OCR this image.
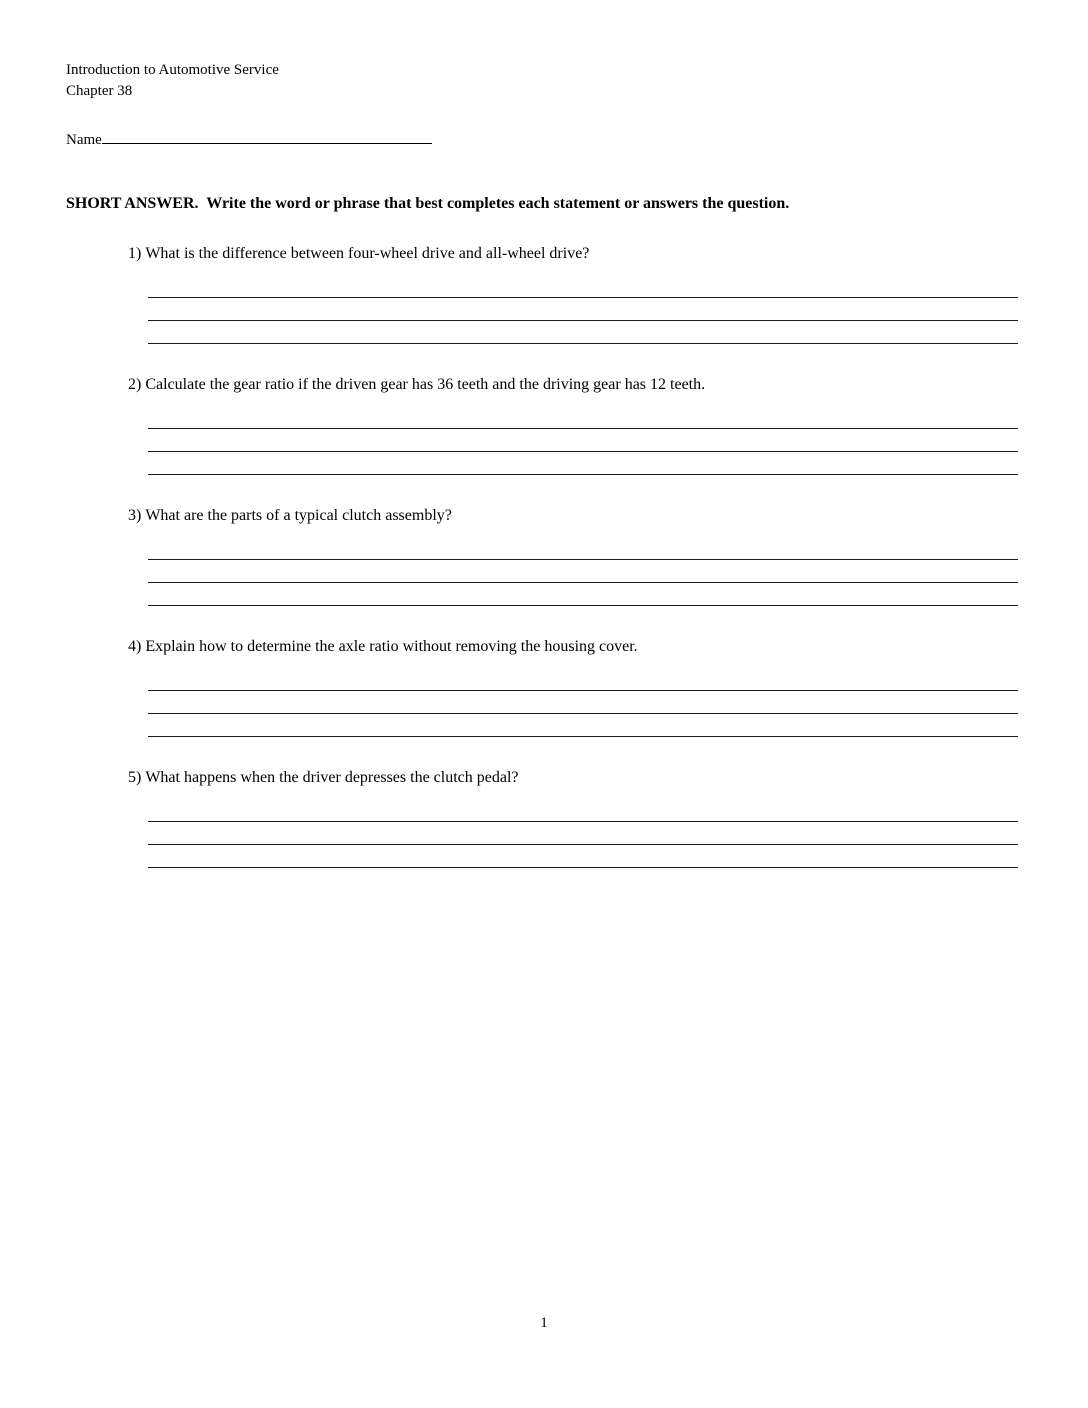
Introduction to Automotive Service
Chapter 38
Name
SHORT ANSWER.  Write the word or phrase that best completes each statement or answers the question.
1) What is the difference between four-wheel drive and all-wheel drive?
2) Calculate the gear ratio if the driven gear has 36 teeth and the driving gear has 12 teeth.
3) What are the parts of a typical clutch assembly?
4) Explain how to determine the axle ratio without removing the housing cover.
5) What happens when the driver depresses the clutch pedal?
1
